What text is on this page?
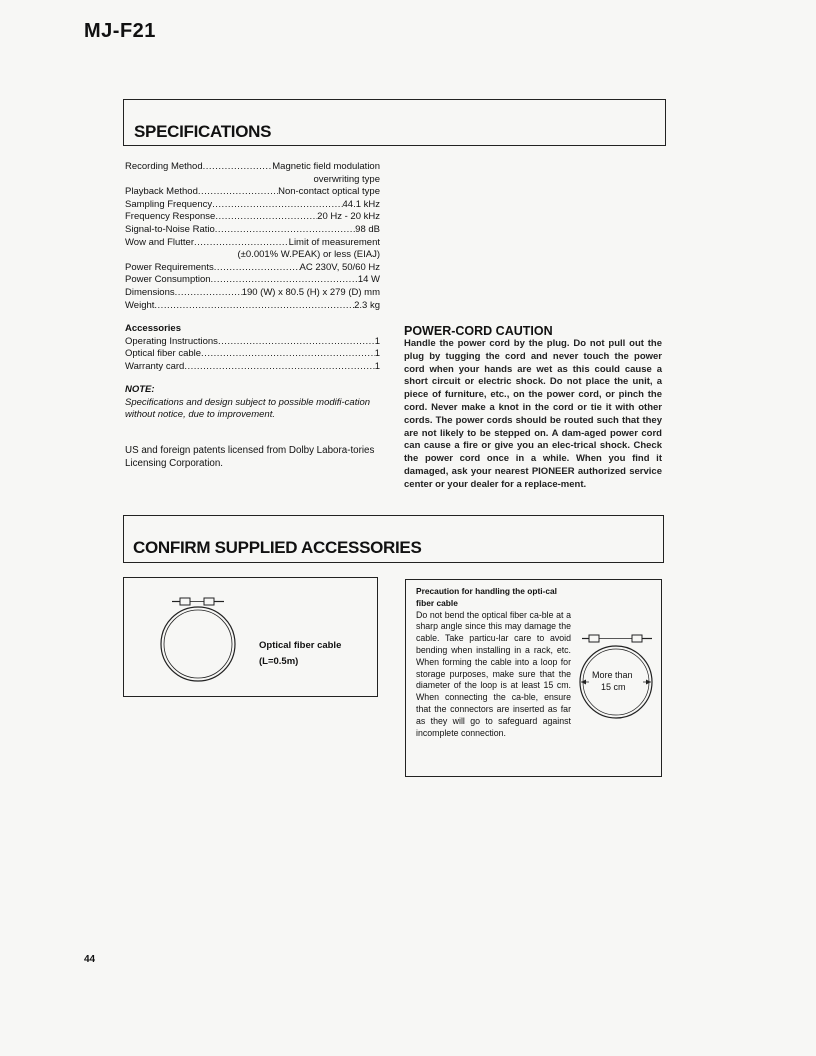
MJ-F21
SPECIFICATIONS
Recording Method .....	Magnetic field modulation
overwriting type
Playback Method .....	Non-contact optical type
Sampling Frequency .....	44.1 kHz
Frequency Response .....	20 Hz - 20 kHz
Signal-to-Noise Ratio .....	98 dB
Wow and Flutter .....	Limit of measurement
(±0.001% W.PEAK) or less (EIAJ)
Power Requirements .....	AC 230V, 50/60 Hz
Power Consumption .....	14 W
Dimensions .....	190 (W) x 80.5 (H) x 279 (D) mm
Weight .....	2.3 kg
Accessories
Operating Instructions .....	1
Optical fiber cable .....	1
Warranty card .....	1
NOTE:
Specifications and design subject to possible modifi-cation without notice, due to improvement.
US and foreign patents licensed from Dolby Labora-tories Licensing Corporation.
POWER-CORD CAUTION
Handle the power cord by the plug. Do not pull out the plug by tugging the cord and never touch the power cord when your hands are wet as this could cause a short circuit or electric shock. Do not place the unit, a piece of furniture, etc., on the power cord, or pinch the cord. Never make a knot in the cord or tie it with other cords. The power cords should be routed such that they are not likely to be stepped on. A dam-aged power cord can cause a fire or give you an elec-trical shock. Check the power cord once in a while. When you find it damaged, ask your nearest PIONEER authorized service center or your dealer for a replace-ment.
CONFIRM SUPPLIED ACCESSORIES
Optical fiber cable
(L=0.5m)
Precaution for handling the opti-cal fiber cable
Do not bend the optical fiber ca-ble at a sharp angle since this may damage the cable. Take particu-lar care to avoid bending when installing in a rack, etc. When forming the cable into a loop for storage purposes, make sure that the diameter of the loop is at least 15 cm. When connecting the ca-ble, ensure that the connectors are inserted as far as they will go to safeguard against incomplete connection.
More than
15 cm
44
